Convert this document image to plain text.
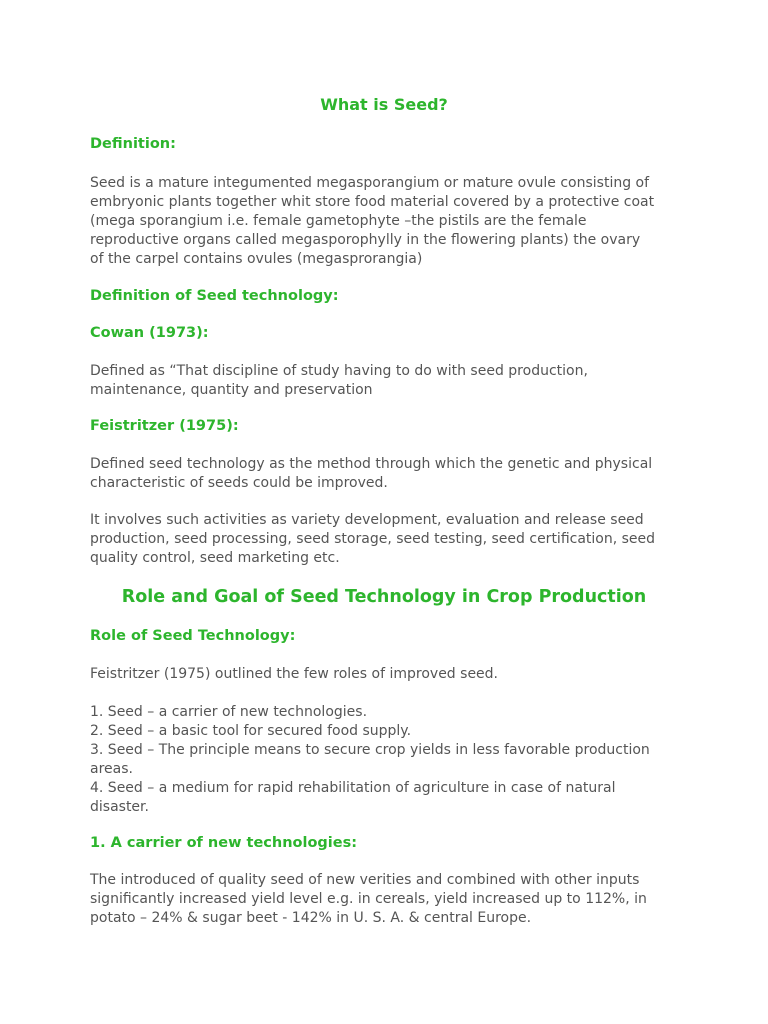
What is Seed?
Definition:

Seed is a mature integumented megasporangium or mature ovule consisting of
embryonic plants together whit store food material covered by a protective coat
(mega sporangium i.e. female gametophyte –the pistils are the female
reproductive organs called megasporophylly in the flowering plants) the ovary
of the carpel contains ovules (megasprorangia)

Definition of Seed technology:
Cowan (1973):

Defined as “That discipline of study having to do with seed production,
maintenance, quantity and preservation

Feistritzer (1975):

Defined seed technology as the method through which the genetic and physical
characteristic of seeds could be improved.

It involves such activities as variety development, evaluation and release seed
production, seed processing, seed storage, seed testing, seed certification, seed
quality control, seed marketing etc.

Role and Goal of Seed Technology in Crop Production
Role of Seed Technology:

Feistritzer (1975) outlined the few roles of improved seed.

1. Seed – a carrier of new technologies.
2. Seed – a basic tool for secured food supply.
3. Seed – The principle means to secure crop yields in less favorable production
areas.
4. Seed – a medium for rapid rehabilitation of agriculture in case of natural
disaster.

1. A carrier of new technologies:

The introduced of quality seed of new verities and combined with other inputs
significantly increased yield level e.g. in cereals, yield increased up to 112%, in
potato – 24% & sugar beet - 142% in U. S. A. & central Europe.
